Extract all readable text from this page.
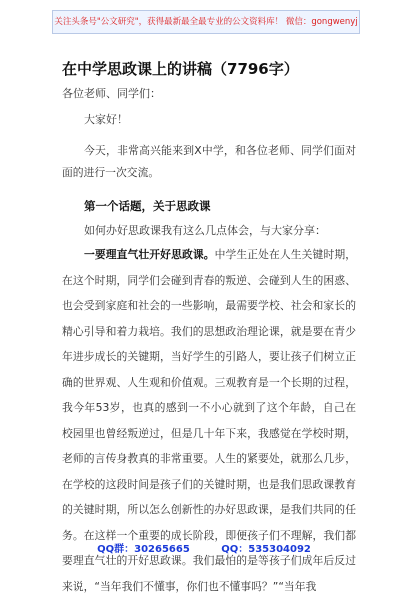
关注头条号"公文研究"，获得最新最全最专业的公文资料库！ 微信：gongwenyj
在中学思政课上的讲稿（7796字）
各位老师、同学们：
大家好！
今天，非常高兴能来到X中学，和各位老师、同学们面对面的进行一次交流。
第一个话题，关于思政课
如何办好思政课我有这么几点体会，与大家分享：
一要理直气壮开好思政课。中学生正处在人生关键时期，在这个时期，同学们会碰到青春的叛逆、会碰到人生的困惑、也会受到家庭和社会的一些影响，最需要学校、社会和家长的精心引导和着力栽培。我们的思想政治理论课，就是要在青少年进步成长的关键期，当好学生的引路人，要让孩子们树立正确的世界观、人生观和价值观。三观教育是一个长期的过程，我今年53岁，也真的感到一不小心就到了这个年龄，自己在校园里也曾经叛逆过，但是几十年下来，我感觉在学校时期，老师的言传身教真的非常重要。人生的紧要处，就那么几步，在学校的这段时间是孩子们的关键时期，也是我们思政课教育的关键时期，所以怎么创新性的办好思政课，是我们共同的任务。在这样一个重要的成长阶段，即便孩子们不理解，我们都要理直气壮的开好思政课。我们最怕的是等孩子们成年后反过来说，“当年我们不懂事，你们也不懂事吗？”“当年我
QQ群：30265665	QQ：535304092
